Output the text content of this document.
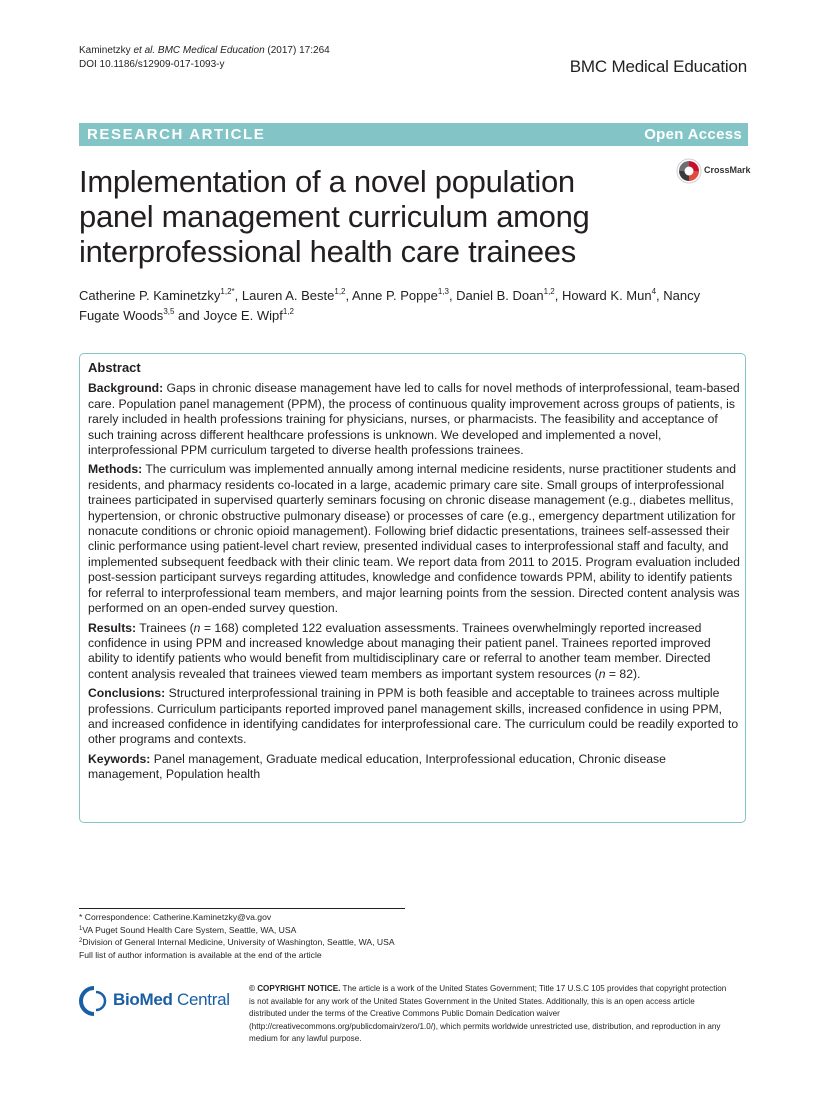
Kaminetzky et al. BMC Medical Education (2017) 17:264
DOI 10.1186/s12909-017-1093-y	BMC Medical Education
RESEARCH ARTICLE	Open Access
Implementation of a novel population panel management curriculum among interprofessional health care trainees
CrossMark
Catherine P. Kaminetzky$^{1,2*}$, Lauren A. Beste$^{1,2}$, Anne P. Poppe$^{1,3}$, Daniel B. Doan$^{1,2}$, Howard K. Mun$^4$, Nancy Fugate Woods$^{3,5}$ and Joyce E. Wipf$^{1,2}$
Abstract

Background: Gaps in chronic disease management have led to calls for novel methods of interprofessional, team-based care. Population panel management (PPM), the process of continuous quality improvement across groups of patients, is rarely included in health professions training for physicians, nurses, or pharmacists. The feasibility and acceptance of such training across different healthcare professions is unknown. We developed and implemented a novel, interprofessional PPM curriculum targeted to diverse health professions trainees.

Methods: The curriculum was implemented annually among internal medicine residents, nurse practitioner students and residents, and pharmacy residents co-located in a large, academic primary care site. Small groups of interprofessional trainees participated in supervised quarterly seminars focusing on chronic disease management (e.g., diabetes mellitus, hypertension, or chronic obstructive pulmonary disease) or processes of care (e.g., emergency department utilization for nonacute conditions or chronic opioid management). Following brief didactic presentations, trainees self-assessed their clinic performance using patient-level chart review, presented individual cases to interprofessional staff and faculty, and implemented subsequent feedback with their clinic team. We report data from 2011 to 2015. Program evaluation included post-session participant surveys regarding attitudes, knowledge and confidence towards PPM, ability to identify patients for referral to interprofessional team members, and major learning points from the session. Directed content analysis was performed on an open-ended survey question.

Results: Trainees (n = 168) completed 122 evaluation assessments. Trainees overwhelmingly reported increased confidence in using PPM and increased knowledge about managing their patient panel. Trainees reported improved ability to identify patients who would benefit from multidisciplinary care or referral to another team member. Directed content analysis revealed that trainees viewed team members as important system resources (n = 82).

Conclusions: Structured interprofessional training in PPM is both feasible and acceptable to trainees across multiple professions. Curriculum participants reported improved panel management skills, increased confidence in using PPM, and increased confidence in identifying candidates for interprofessional care. The curriculum could be readily exported to other programs and contexts.

Keywords: Panel management, Graduate medical education, Interprofessional education, Chronic disease management, Population health

* Correspondence: Catherine.Kaminetzky@va.gov
$^1$VA Puget Sound Health Care System, Seattle, WA, USA
$^2$Division of General Internal Medicine, University of Washington, Seattle, WA, USA
Full list of author information is available at the end of the article
BioMed Central
© COPYRIGHT NOTICE. The article is a work of the United States Government; Title 17 U.S.C 105 provides that copyright protection is not available for any work of the United States Government in the United States. Additionally, this is an open access article distributed under the terms of the Creative Commons Public Domain Dedication waiver (http://creativecommons.org/publicdomain/zero/1.0/), which permits worldwide unrestricted use, distribution, and reproduction in any medium for any lawful purpose.
